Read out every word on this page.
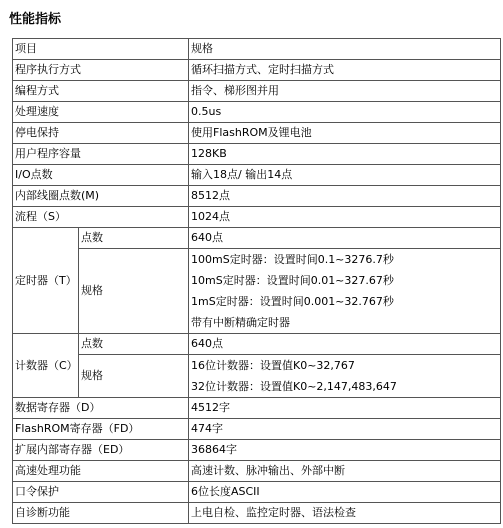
性能指标
项目		规格
程序执行方式		循环扫描方式、定时扫描方式
编程方式		指令、梯形图并用
处理速度		0.5us
停电保持		使用FlashROM及锂电池
用户程序容量		128KB
I/O点数		输入18点/ 输出14点
内部线圈点数(M)		8512点
流程（S）		1024点
定时器（T）	点数	640点
	规格	100mS定时器：设置时间0.1~3276.7秒
10mS定时器：设置时间0.01~327.67秒
1mS定时器：设置时间0.001~32.767秒
带有中断精确定时器

计数器（C）	点数	640点
	规格	16位计数器：设置值K0~32,767
32位计数器：设置值K0~2,147,483,647

数据寄存器（D）		4512字
FlashROM寄存器（FD）		474字
扩展内部寄存器（ED）		36864字
高速处理功能		高速计数、脉冲输出、外部中断
口令保护		6位长度ASCII
自诊断功能		上电自检、监控定时器、语法检查
